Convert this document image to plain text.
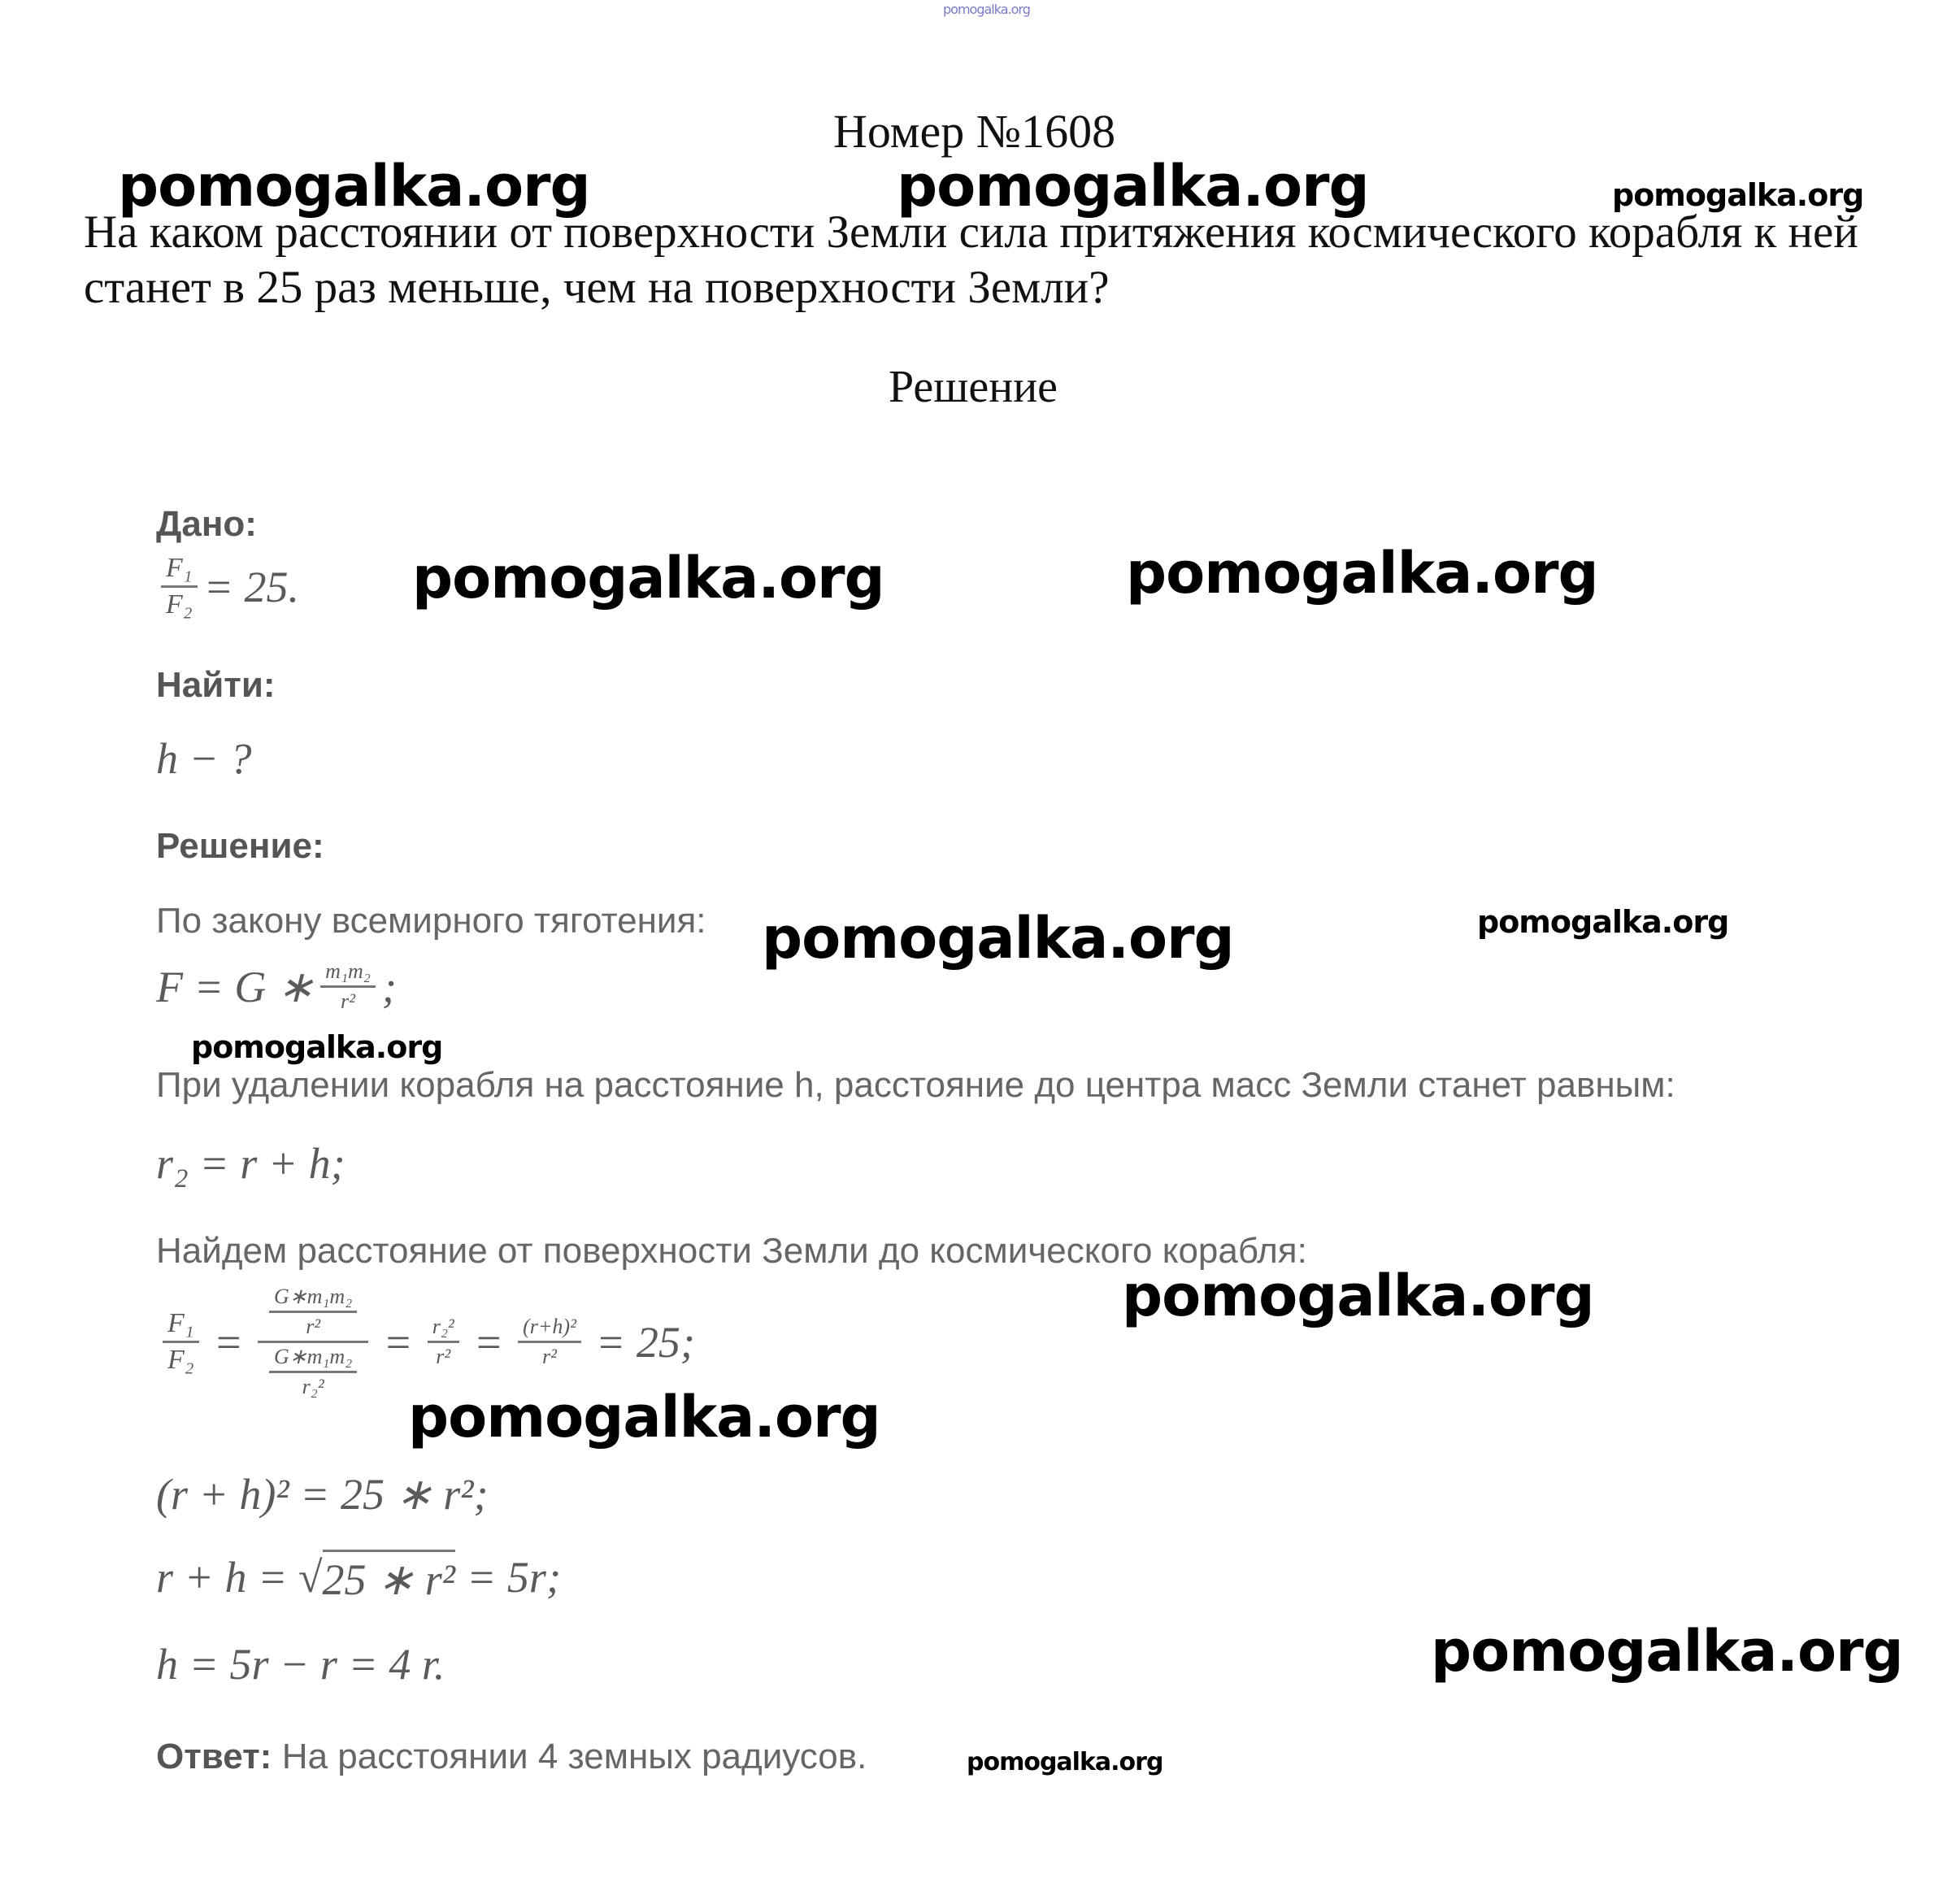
pomogalka.org
Номер №1608
На каком расстоянии от поверхности Земли сила притяжения космического корабля к ней станет в 25 раз меньше, чем на поверхности Земли?
Решение
Дано:
$\frac{\text{F₁}}{\text{F₂}} = 25$.
Найти:
h − ?
Решение:
По закону всемирного тяготения:
F = G ∗ $\frac{\text{m₁m₂}}{\text{r²}}$ ;
При удалении корабля на расстояние h, расстояние до центра масс Земли станет равным:
r₂ = r + h;
Найдем расстояние от поверхности Земли до космического корабля:
$\frac{\text{F₁}}{\text{F₂}} = \frac{\frac{\text{G∗m₁m₂}}{\text{r²}}}{\frac{\text{G∗m₁m₂}}{\text{r₂²}}} = \frac{\text{r₂²}}{\text{r²}} = \frac{\text{(r+h)²}}{\text{r²}} = 25$;
(r + h)² = 25 ∗ r²;
r + h = √ 25 ∗ r² = 5r;
h = 5r − r = 4 r.
Ответ: На расстоянии 4 земных радиусов.
pomogalka.org	pomogalka.org	pomogalka.org
pomogalka.org	pomogalka.org
pomogalka.org	pomogalka.org
pomogalka.org
pomogalka.org
pomogalka.org
pomogalka.org
pomogalka.org
